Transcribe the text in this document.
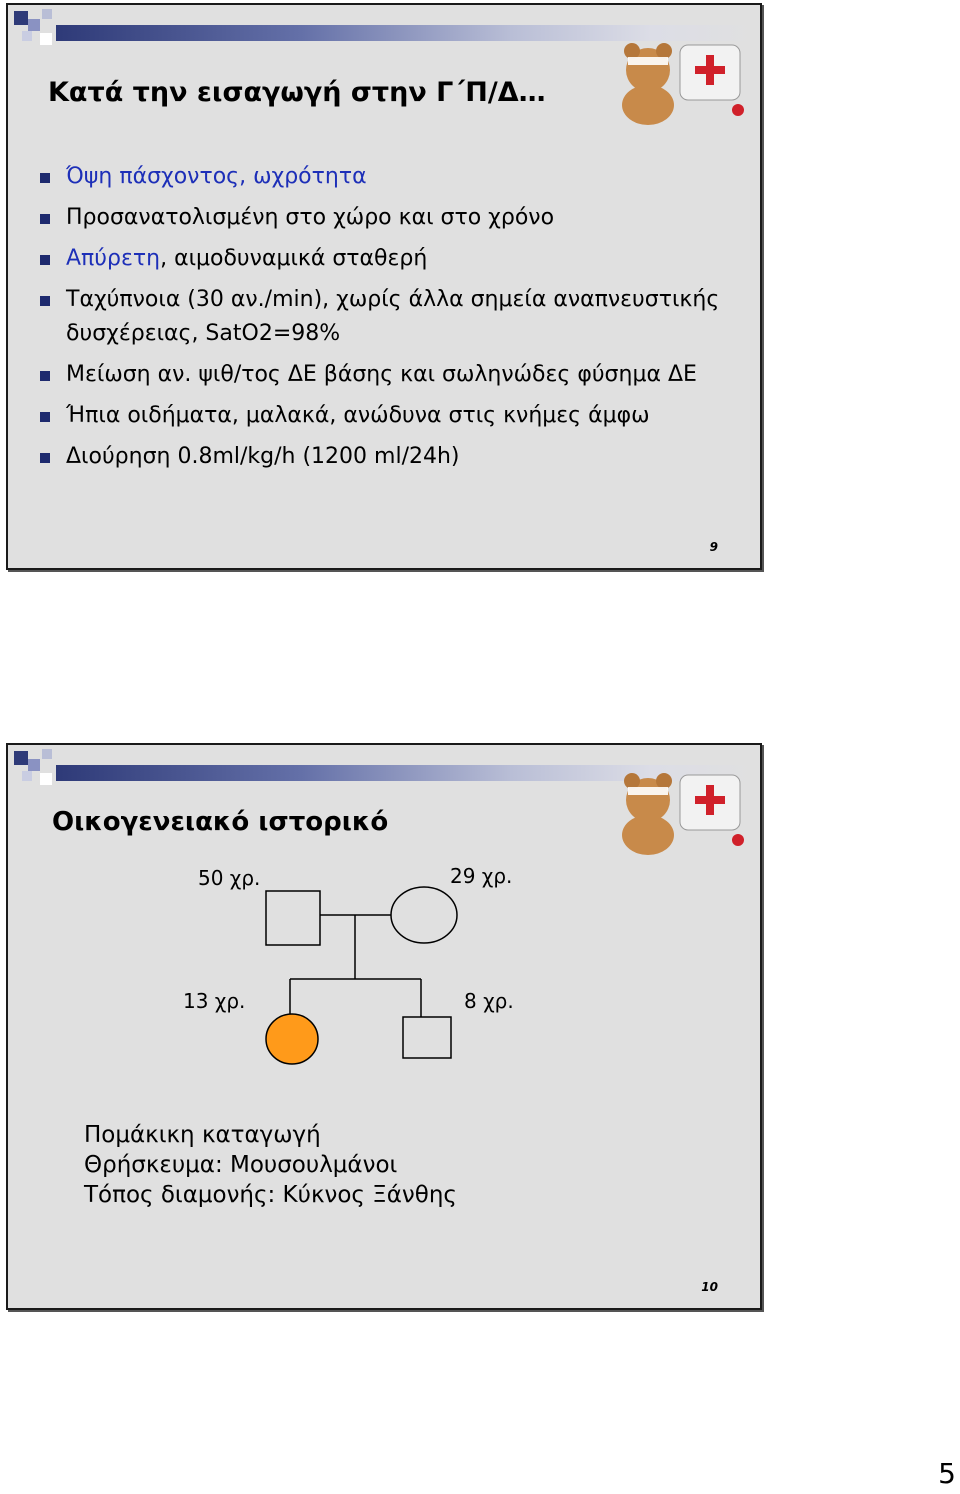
Κατά την εισαγωγή στην Γ΄Π/Δ…
Όψη πάσχοντος, ωχρότητα
Προσανατολισμένη στο χώρο και στο χρόνο
Απύρετη, αιμοδυναμικά σταθερή
Ταχύπνοια (30 αν./min), χωρίς άλλα σημεία αναπνευστικής δυσχέρειας, SatO2=98%
Μείωση αν. ψιθ/τος ΔΕ βάσης και σωληνώδες φύσημα ΔΕ
Ήπια οιδήματα, μαλακά, ανώδυνα στις κνήμες άμφω
Διούρηση 0.8ml/kg/h (1200 ml/24h)
9
Οικογενειακό ιστορικό
50 χρ.	29 χρ.
13 χρ.	8 χρ.
Πομάκικη καταγωγή
Θρήσκευμα: Μουσουλμάνοι
Τόπος διαμονής: Κύκνος Ξάνθης
10
5
